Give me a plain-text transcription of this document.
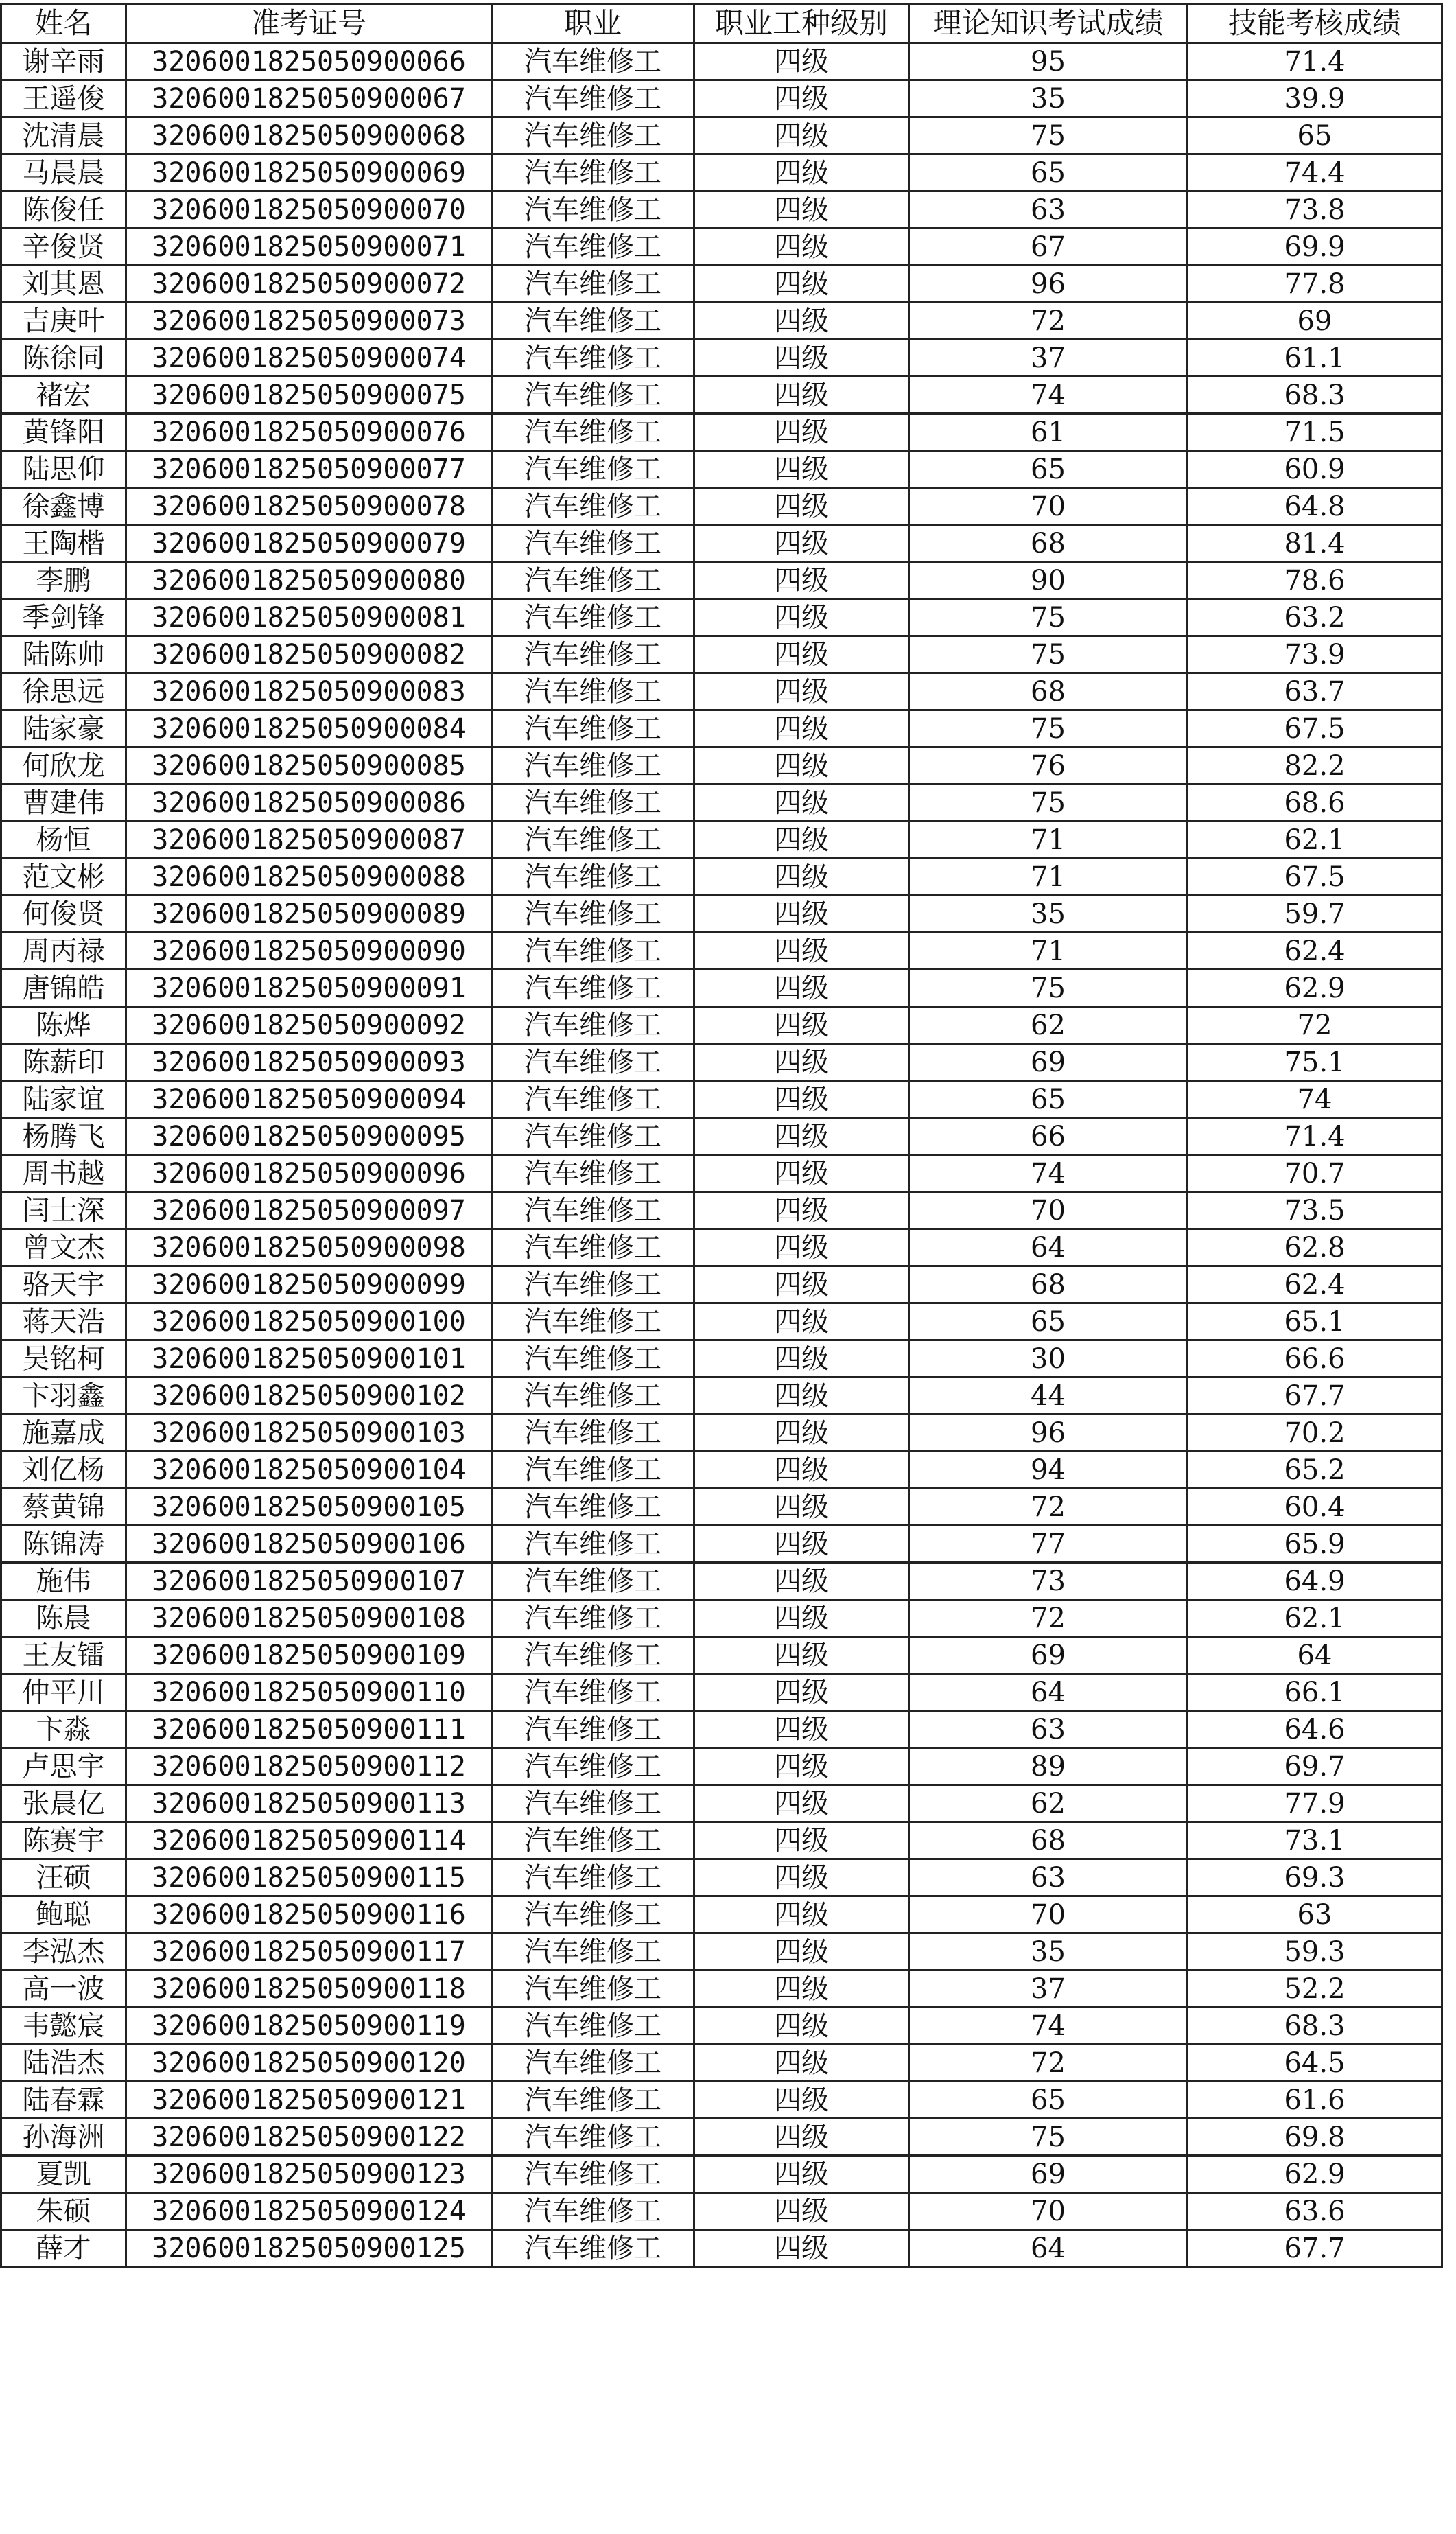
姓名	准考证号	职业	职业工种级别	理论知识考试成绩	技能考核成绩
谢辛雨	3206001825050900066	汽车维修工	四级	95	71.4
王遥俊	3206001825050900067	汽车维修工	四级	35	39.9
沈清晨	3206001825050900068	汽车维修工	四级	75	65
马晨晨	3206001825050900069	汽车维修工	四级	65	74.4
陈俊任	3206001825050900070	汽车维修工	四级	63	73.8
辛俊贤	3206001825050900071	汽车维修工	四级	67	69.9
刘其恩	3206001825050900072	汽车维修工	四级	96	77.8
吉庚叶	3206001825050900073	汽车维修工	四级	72	69
陈徐同	3206001825050900074	汽车维修工	四级	37	61.1
褚宏	3206001825050900075	汽车维修工	四级	74	68.3
黄锋阳	3206001825050900076	汽车维修工	四级	61	71.5
陆思仰	3206001825050900077	汽车维修工	四级	65	60.9
徐鑫博	3206001825050900078	汽车维修工	四级	70	64.8
王陶楷	3206001825050900079	汽车维修工	四级	68	81.4
李鹏	3206001825050900080	汽车维修工	四级	90	78.6
季剑锋	3206001825050900081	汽车维修工	四级	75	63.2
陆陈帅	3206001825050900082	汽车维修工	四级	75	73.9
徐思远	3206001825050900083	汽车维修工	四级	68	63.7
陆家豪	3206001825050900084	汽车维修工	四级	75	67.5
何欣龙	3206001825050900085	汽车维修工	四级	76	82.2
曹建伟	3206001825050900086	汽车维修工	四级	75	68.6
杨恒	3206001825050900087	汽车维修工	四级	71	62.1
范文彬	3206001825050900088	汽车维修工	四级	71	67.5
何俊贤	3206001825050900089	汽车维修工	四级	35	59.7
周丙禄	3206001825050900090	汽车维修工	四级	71	62.4
唐锦皓	3206001825050900091	汽车维修工	四级	75	62.9
陈烨	3206001825050900092	汽车维修工	四级	62	72
陈薪印	3206001825050900093	汽车维修工	四级	69	75.1
陆家谊	3206001825050900094	汽车维修工	四级	65	74
杨腾飞	3206001825050900095	汽车维修工	四级	66	71.4
周书越	3206001825050900096	汽车维修工	四级	74	70.7
闫士深	3206001825050900097	汽车维修工	四级	70	73.5
曾文杰	3206001825050900098	汽车维修工	四级	64	62.8
骆天宇	3206001825050900099	汽车维修工	四级	68	62.4
蒋天浩	3206001825050900100	汽车维修工	四级	65	65.1
吴铭柯	3206001825050900101	汽车维修工	四级	30	66.6
卞羽鑫	3206001825050900102	汽车维修工	四级	44	67.7
施嘉成	3206001825050900103	汽车维修工	四级	96	70.2
刘亿杨	3206001825050900104	汽车维修工	四级	94	65.2
蔡黄锦	3206001825050900105	汽车维修工	四级	72	60.4
陈锦涛	3206001825050900106	汽车维修工	四级	77	65.9
施伟	3206001825050900107	汽车维修工	四级	73	64.9
陈晨	3206001825050900108	汽车维修工	四级	72	62.1
王友镭	3206001825050900109	汽车维修工	四级	69	64
仲平川	3206001825050900110	汽车维修工	四级	64	66.1
卞淼	3206001825050900111	汽车维修工	四级	63	64.6
卢思宇	3206001825050900112	汽车维修工	四级	89	69.7
张晨亿	3206001825050900113	汽车维修工	四级	62	77.9
陈赛宇	3206001825050900114	汽车维修工	四级	68	73.1
汪硕	3206001825050900115	汽车维修工	四级	63	69.3
鲍聪	3206001825050900116	汽车维修工	四级	70	63
李泓杰	3206001825050900117	汽车维修工	四级	35	59.3
高一波	3206001825050900118	汽车维修工	四级	37	52.2
韦懿宸	3206001825050900119	汽车维修工	四级	74	68.3
陆浩杰	3206001825050900120	汽车维修工	四级	72	64.5
陆春霖	3206001825050900121	汽车维修工	四级	65	61.6
孙海洲	3206001825050900122	汽车维修工	四级	75	69.8
夏凯	3206001825050900123	汽车维修工	四级	69	62.9
朱硕	3206001825050900124	汽车维修工	四级	70	63.6
薛才	3206001825050900125	汽车维修工	四级	64	67.7
